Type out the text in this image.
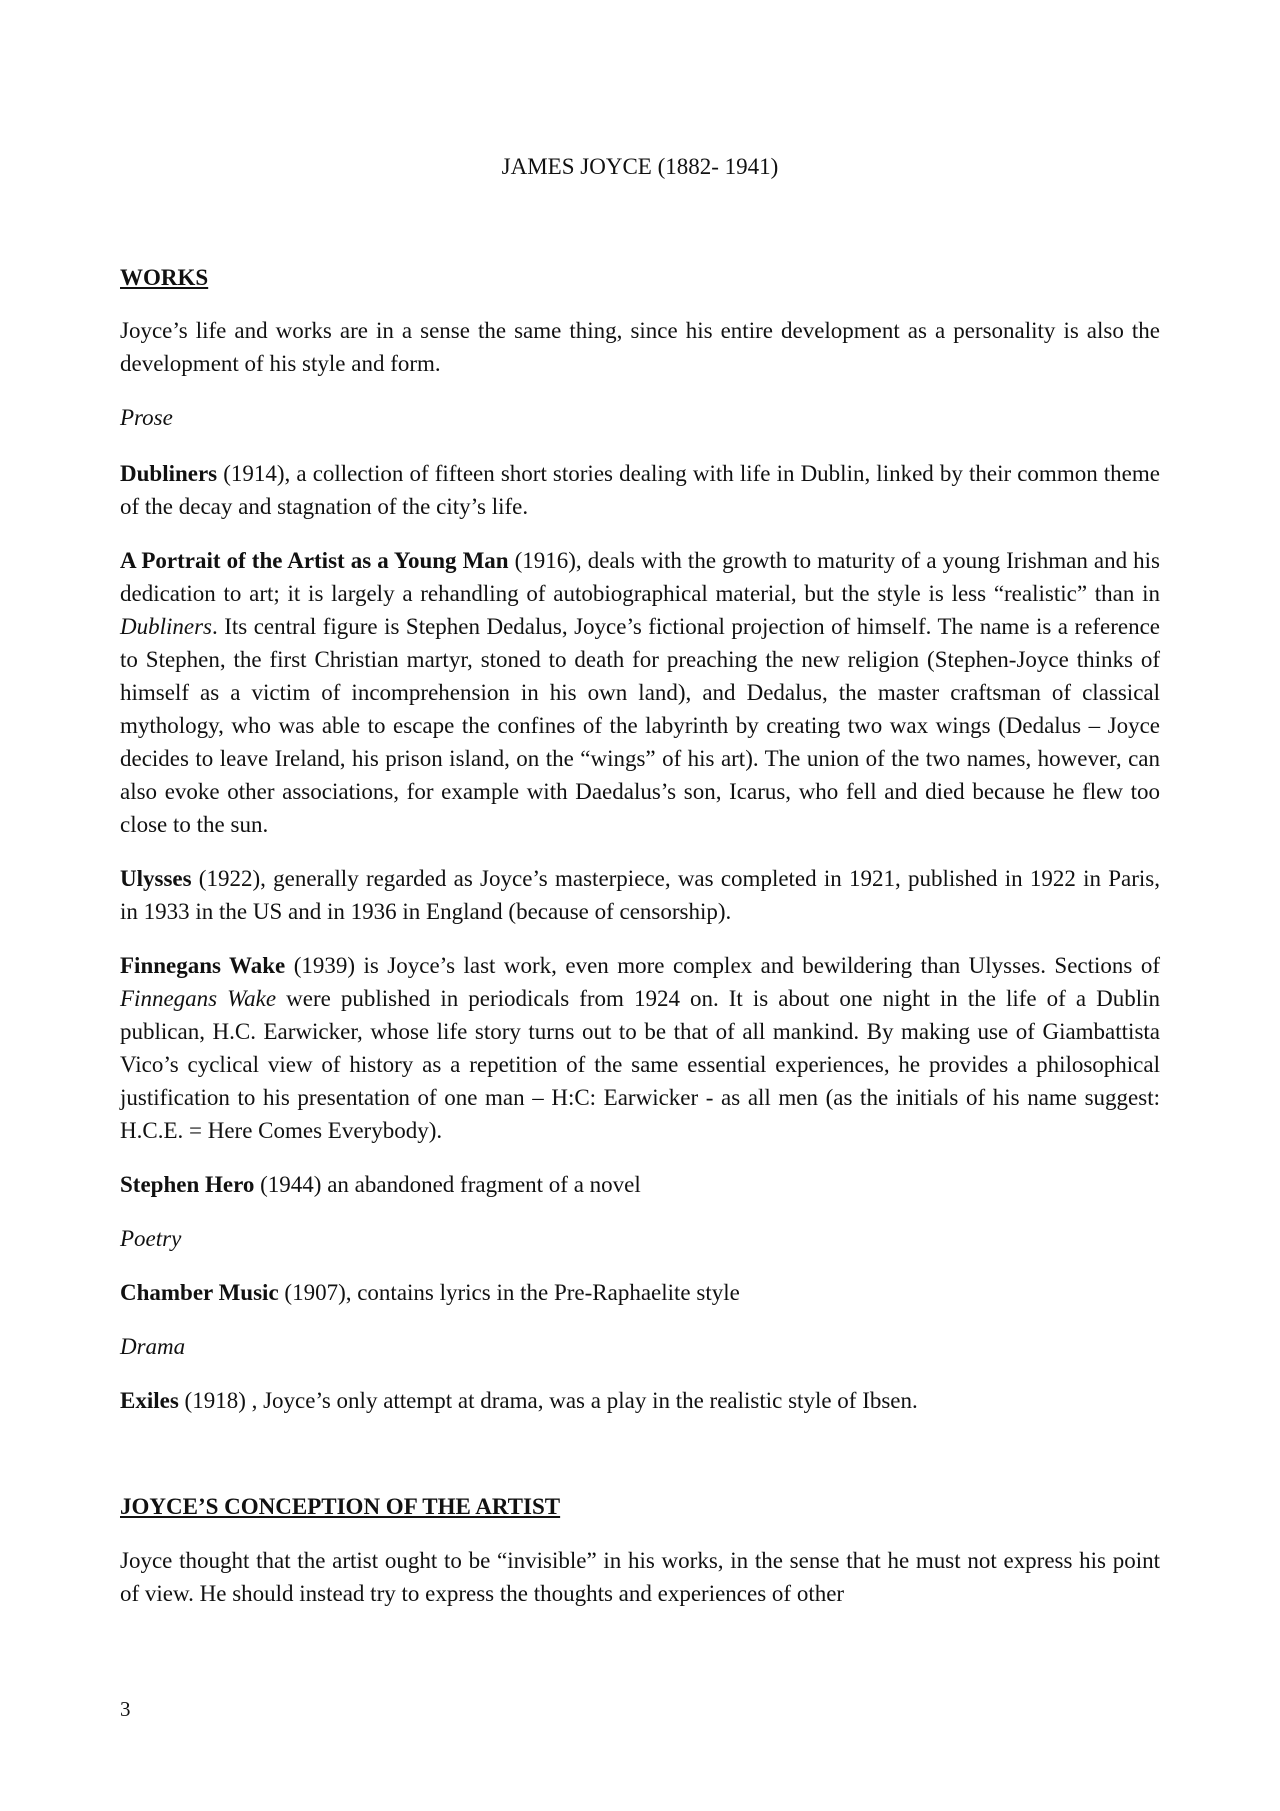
JAMES JOYCE (1882- 1941)

WORKS

Joyce’s life and works are in a sense the same thing, since his entire development as a personality is also the development of his style and form.

Prose

Dubliners (1914), a collection of fifteen short stories dealing with life in Dublin, linked by their common theme of the decay and stagnation of the city’s life.

A Portrait of the Artist as a Young Man (1916), deals with the growth to maturity of a young Irishman and his dedication to art; it is largely a rehandling of autobiographical material, but the style is less “realistic” than in Dubliners. Its central figure is Stephen Dedalus, Joyce’s fictional projection of himself. The name is a reference to Stephen, the first Christian martyr, stoned to death for preaching the new religion (Stephen-Joyce thinks of himself as a victim of incomprehension in his own land), and Dedalus, the master craftsman of classical mythology, who was able to escape the confines of the labyrinth by creating two wax wings (Dedalus – Joyce decides to leave Ireland, his prison island, on the “wings” of his art). The union of the two names, however, can also evoke other associations, for example with Daedalus’s son, Icarus, who fell and died because he flew too close to the sun.

Ulysses (1922), generally regarded as Joyce’s masterpiece, was completed in 1921, published in 1922 in Paris, in 1933 in the US and in 1936 in England (because of censorship).

Finnegans Wake (1939) is Joyce’s last work, even more complex and bewildering than Ulysses. Sections of Finnegans Wake were published in periodicals from 1924 on. It is about one night in the life of a Dublin publican, H.C. Earwicker, whose life story turns out to be that of all mankind. By making use of Giambattista Vico’s cyclical view of history as a repetition of the same essential experiences, he provides a philosophical justification to his presentation of one man – H:C: Earwicker - as all men (as the initials of his name suggest: H.C.E. = Here Comes Everybody).

Stephen Hero (1944) an abandoned fragment of a novel

Poetry

Chamber Music (1907), contains lyrics in the Pre-Raphaelite style

Drama

Exiles (1918) , Joyce’s only attempt at drama, was a play in the realistic style of Ibsen.

JOYCE’S CONCEPTION OF THE ARTIST

Joyce thought that the artist ought to be “invisible” in his works, in the sense that he must not express his point of view. He should instead try to express the thoughts and experiences of other

3
